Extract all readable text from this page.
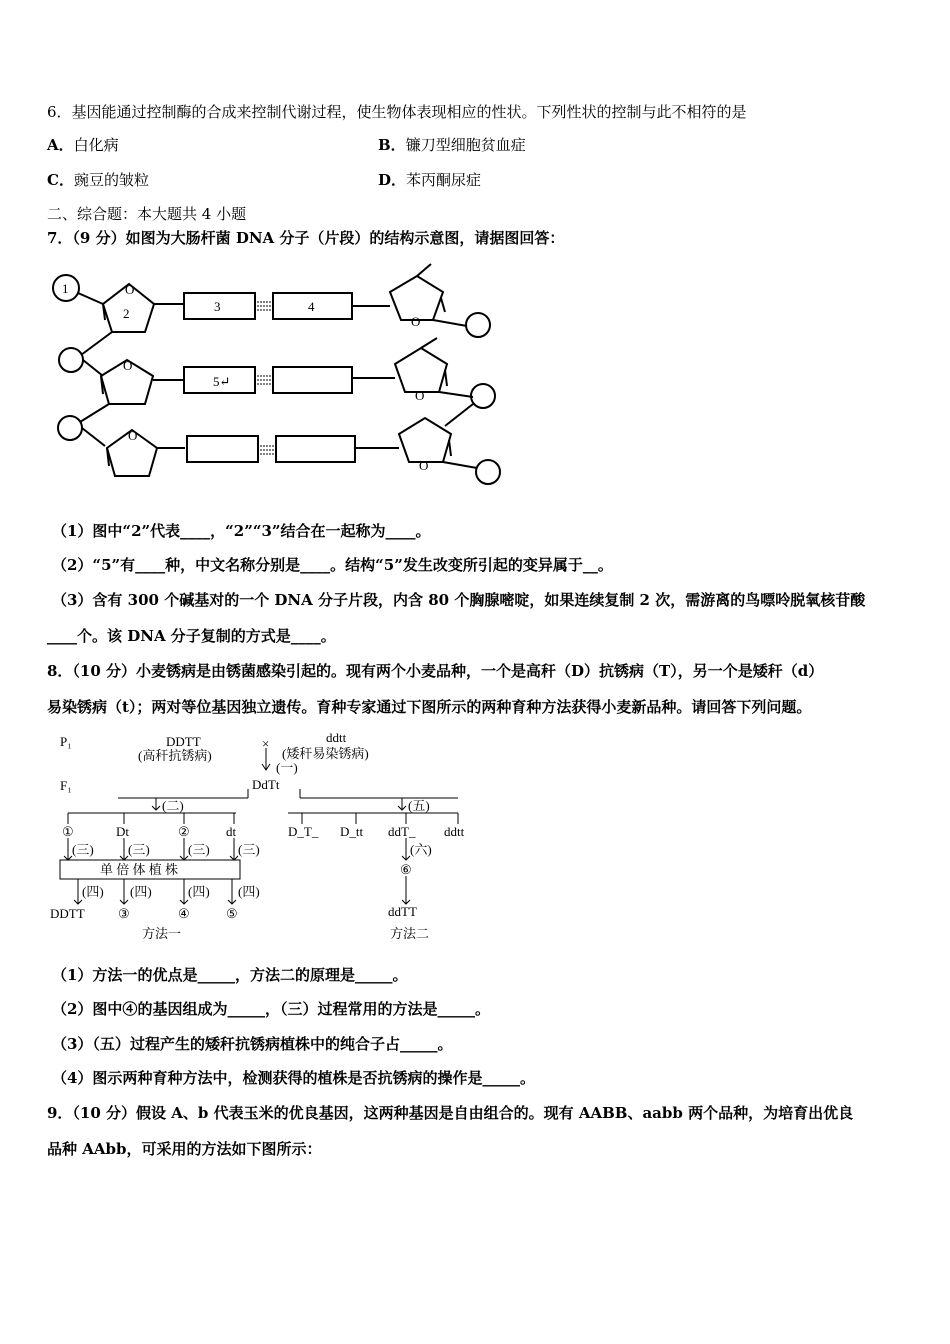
6．基因能通过控制酶的合成来控制代谢过程，使生物体表现相应的性状。下列性状的控制与此不相符的是
A．白化病	B．镰刀型细胞贫血症
C．豌豆的皱粒	D．苯丙酮尿症
二、综合题：本大题共 4 小题
7．（9 分）如图为大肠杆菌 DNA 分子（片段）的结构示意图，请据图回答：
1
2	3	4
5↵
O
O
O
O
O
O
（1）图中“2”代表____，“2”“3”结合在一起称为____。
（2）“5”有____种，中文名称分别是____。结构“5”发生改变所引起的变异属于__。
（3）含有 300 个碱基对的一个 DNA 分子片段，内含 80 个胸腺嘧啶，如果连续复制 2 次，需游离的鸟嘌呤脱氧核苷酸
____个。该 DNA 分子复制的方式是____。
8．（10 分）小麦锈病是由锈菌感染引起的。现有两个小麦品种，一个是高秆（D）抗锈病（T），另一个是矮秆（d）
易染锈病（t）；两对等位基因独立遗传。育种专家通过下图所示的两种育种方法获得小麦新品种。请回答下列问题。
P₁	DDTT
(高秆抗锈病)
×	ddtt
(矮秆易染锈病)
(一)
F₁	DdTt
(二)	(五)
①	Dt	②	dt	D_T_ D_tt ddT_ ddtt
(三)	(三)	(三) (三)	(六)
单 倍 体 植 株	⑥
(四) (四)	(四) (四)
DDTT	③	④	⑤	ddTT
方法一	方法二
（1）方法一的优点是_____，方法二的原理是_____。
（2）图中④的基因组成为_____，（三）过程常用的方法是_____。
（3）（五）过程产生的矮秆抗锈病植株中的纯合子占_____。
（4）图示两种育种方法中，检测获得的植株是否抗锈病的操作是_____。
9．（10 分）假设 A、b 代表玉米的优良基因，这两种基因是自由组合的。现有 AABB、aabb 两个品种，为培育出优良
品种 AAbb，可采用的方法如下图所示：
